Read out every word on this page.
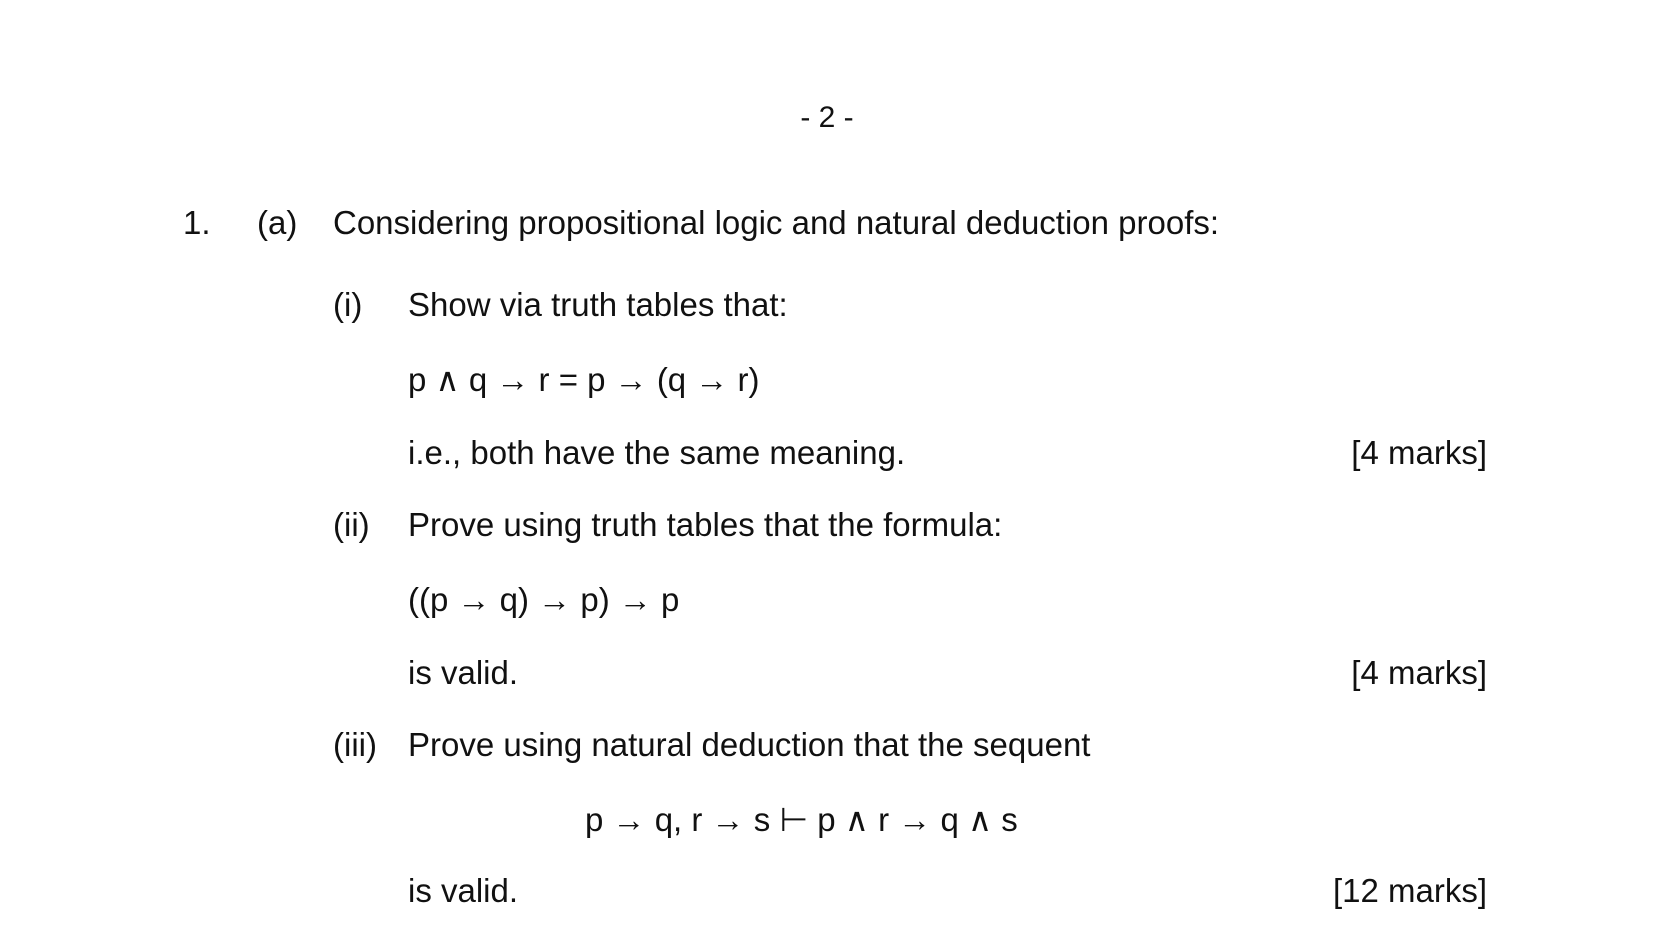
- 2 -
1. (a) Considering propositional logic and natural deduction proofs:
(i) Show via truth tables that:
p ∧ q → r = p → (q → r)
i.e., both have the same meaning.	[4 marks]
(ii) Prove using truth tables that the formula:
((p → q) → p) → p
is valid.	[4 marks]
(iii) Prove using natural deduction that the sequent
p → q, r → s ⊢ p ∧ r → q ∧ s
is valid.	[12 marks]
